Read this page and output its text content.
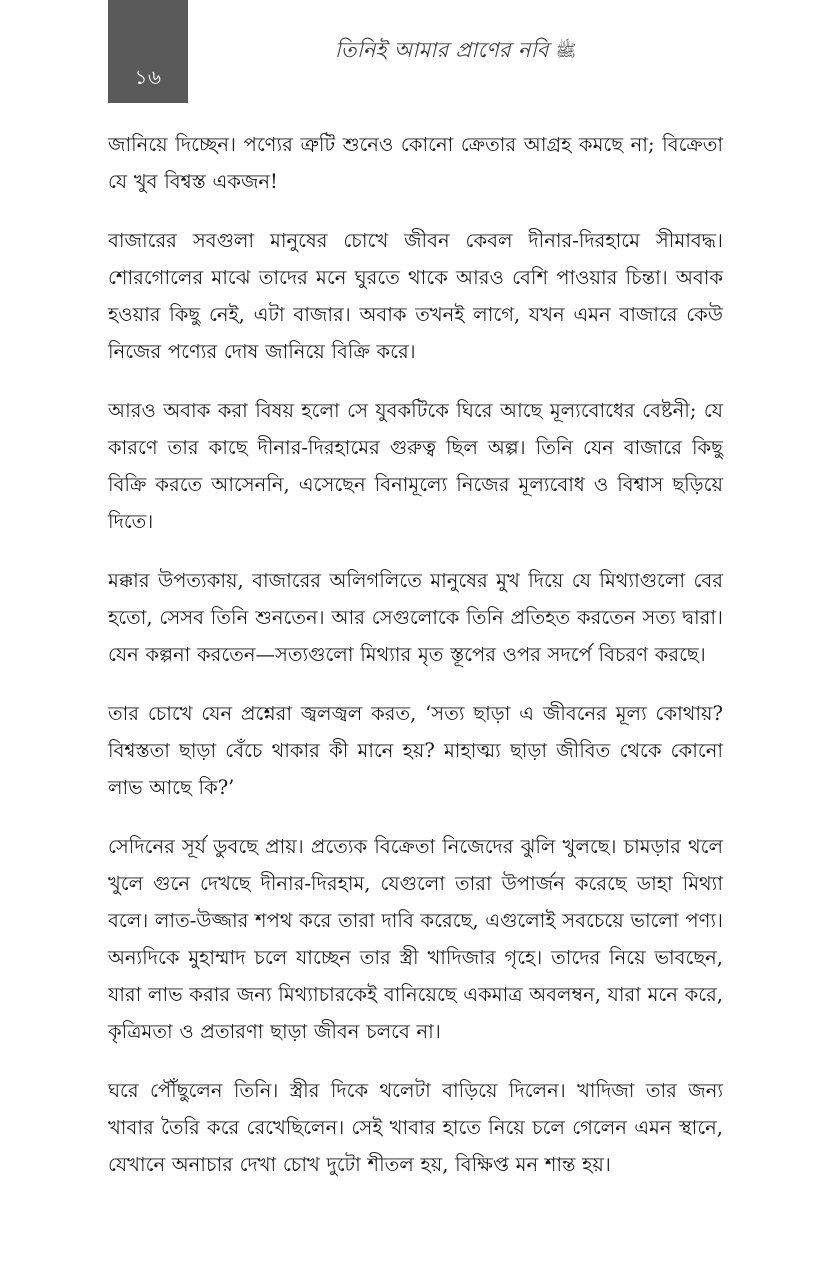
১৬
তিনিই আমার প্রাণের নবি ﷺ

জানিয়ে দিচ্ছেন। পণ্যের ত্রুটি শুনেও কোনো ক্রেতার আগ্রহ কমছে না; বিক্রেতা যে খুব বিশ্বস্ত একজন!

বাজারের সবগুলা মানুষের চোখে জীবন কেবল দীনার-দিরহামে সীমাবদ্ধ। শোরগোলের মাঝে তাদের মনে ঘুরতে থাকে আরও বেশি পাওয়ার চিন্তা। অবাক হওয়ার কিছু নেই, এটা বাজার। অবাক তখনই লাগে, যখন এমন বাজারে কেউ নিজের পণ্যের দোষ জানিয়ে বিক্রি করে।

আরও অবাক করা বিষয় হলো সে যুবকটিকে ঘিরে আছে মূল্যবোধের বেষ্টনী; যে কারণে তার কাছে দীনার-দিরহামের গুরুত্ব ছিল অল্প। তিনি যেন বাজারে কিছু বিক্রি করতে আসেননি, এসেছেন বিনামূল্যে নিজের মূল্যবোধ ও বিশ্বাস ছড়িয়ে দিতে।

মক্কার উপত্যকায়, বাজারের অলিগলিতে মানুষের মুখ দিয়ে যে মিথ্যাগুলো বের হতো, সেসব তিনি শুনতেন। আর সেগুলোকে তিনি প্রতিহত করতেন সত্য দ্বারা। যেন কল্পনা করতেন—সত্যগুলো মিথ্যার মৃত স্তূপের ওপর সদর্পে বিচরণ করছে।

তার চোখে যেন প্রশ্নেরা জ্বলজ্বল করত, ‘সত্য ছাড়া এ জীবনের মূল্য কোথায়? বিশ্বস্ততা ছাড়া বেঁচে থাকার কী মানে হয়? মাহাত্ম্য ছাড়া জীবিত থেকে কোনো লাভ আছে কি?’

সেদিনের সূর্য ডুবছে প্রায়। প্রত্যেক বিক্রেতা নিজেদের ঝুলি খুলছে। চামড়ার থলে খুলে গুনে দেখছে দীনার-দিরহাম, যেগুলো তারা উপার্জন করেছে ডাহা মিথ্যা বলে। লাত-উজ্জার শপথ করে তারা দাবি করেছে, এগুলোই সবচেয়ে ভালো পণ্য। অন্যদিকে মুহাম্মাদ চলে যাচ্ছেন তার স্ত্রী খাদিজার গৃহে। তাদের নিয়ে ভাবছেন, যারা লাভ করার জন্য মিথ্যাচারকেই বানিয়েছে একমাত্র অবলম্বন, যারা মনে করে, কৃত্রিমতা ও প্রতারণা ছাড়া জীবন চলবে না।

ঘরে পৌঁছুলেন তিনি। স্ত্রীর দিকে থলেটা বাড়িয়ে দিলেন। খাদিজা তার জন্য খাবার তৈরি করে রেখেছিলেন। সেই খাবার হাতে নিয়ে চলে গেলেন এমন স্থানে, যেখানে অনাচার দেখা চোখ দুটো শীতল হয়, বিক্ষিপ্ত মন শান্ত হয়।
